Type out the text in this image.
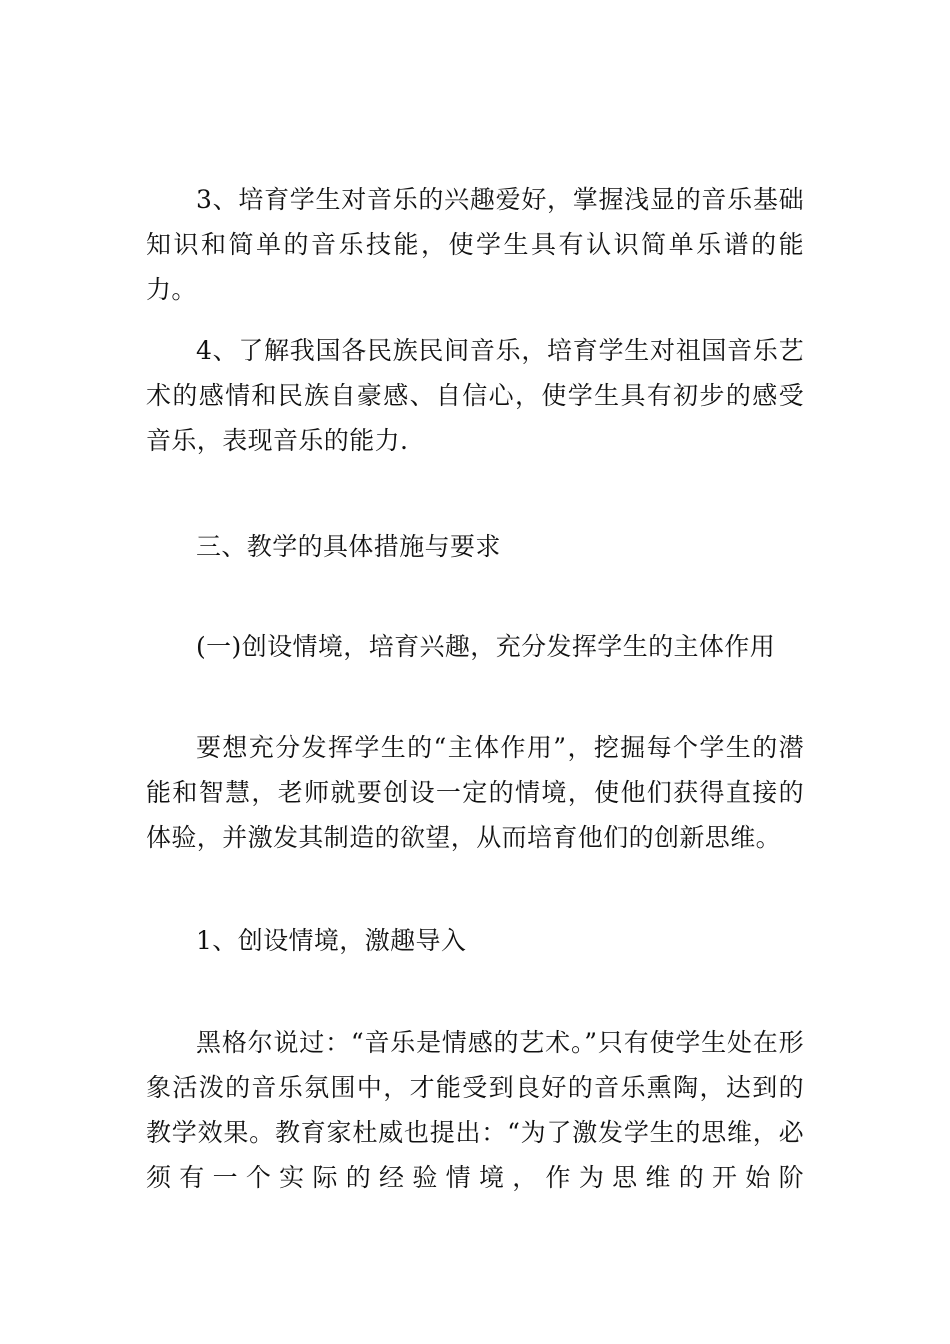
3、培育学生对音乐的兴趣爱好，掌握浅显的音乐基础知识和简单的音乐技能，使学生具有认识简单乐谱的能力。

4、了解我国各民族民间音乐，培育学生对祖国音乐艺术的感情和民族自豪感、自信心，使学生具有初步的感受音乐，表现音乐的能力.

三、教学的具体措施与要求

(一)创设情境，培育兴趣，充分发挥学生的主体作用

要想充分发挥学生的“主体作用”，挖掘每个学生的潜能和智慧，老师就要创设一定的情境，使他们获得直接的体验，并激发其制造的欲望，从而培育他们的创新思维。

1、创设情境，激趣导入

黑格尔说过：“音乐是情感的艺术。”只有使学生处在形象活泼的音乐氛围中，才能受到良好的音乐熏陶，达到的教学效果。教育家杜威也提出：“为了激发学生的思维，必须有一个实际的经验情境，作为思维的开始阶
